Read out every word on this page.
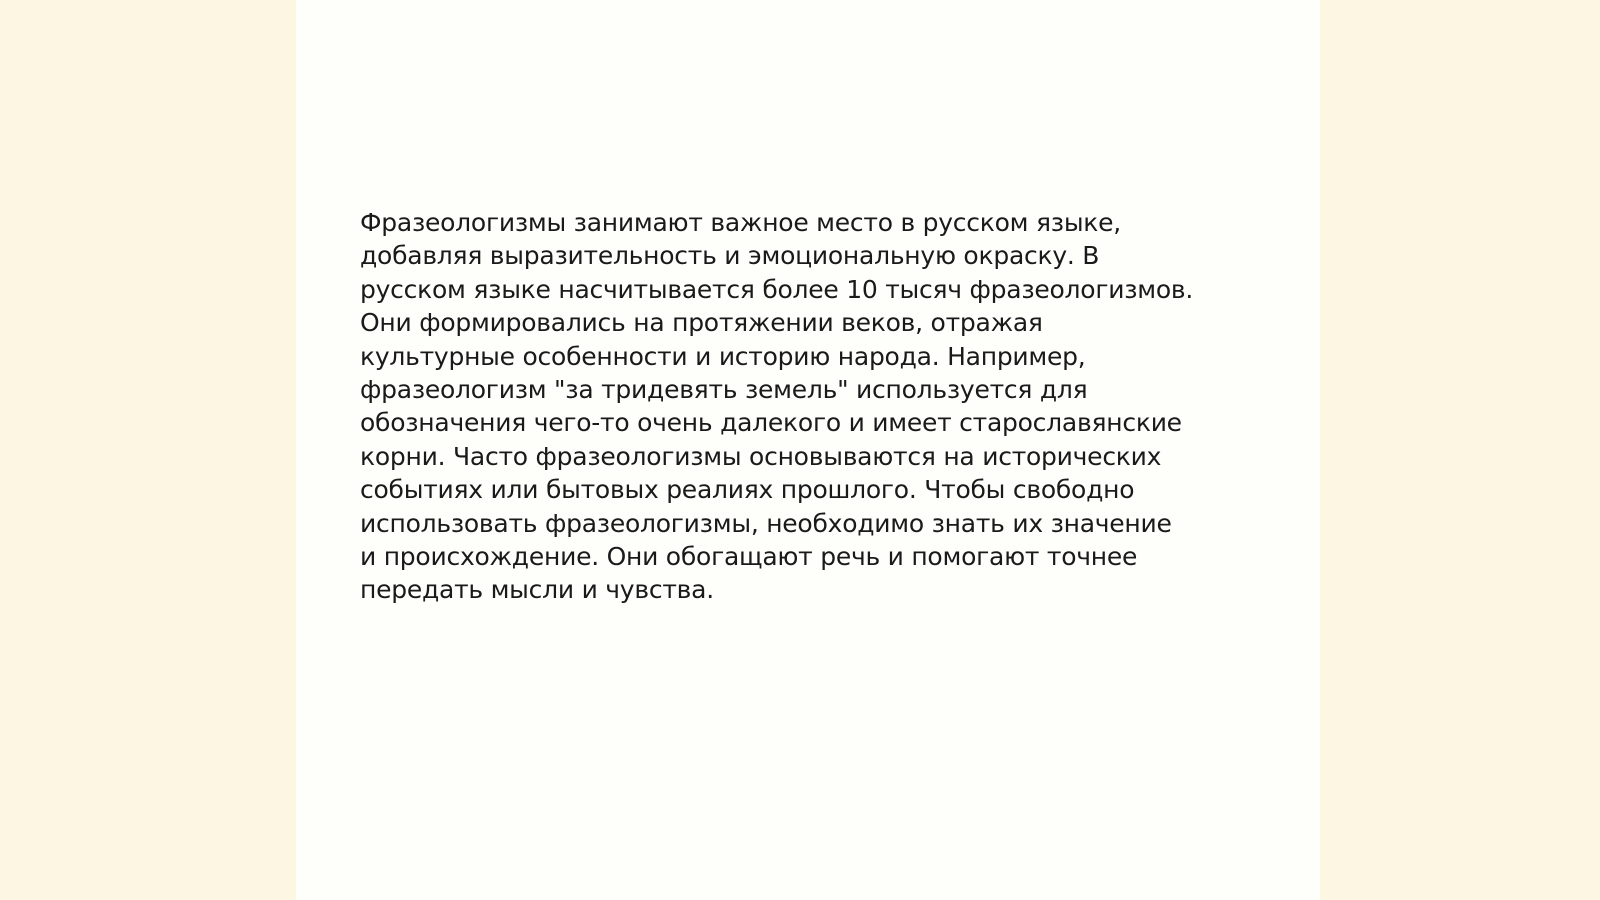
Фразеологизмы занимают важное место в русском языке,
добавляя выразительность и эмоциональную окраску. В
русском языке насчитывается более 10 тысяч фразеологизмов.
Они формировались на протяжении веков, отражая
культурные особенности и историю народа. Например,
фразеологизм "за тридевять земель" используется для
обозначения чего-то очень далекого и имеет старославянские
корни. Часто фразеологизмы основываются на исторических
событиях или бытовых реалиях прошлого. Чтобы свободно
использовать фразеологизмы, необходимо знать их значение
и происхождение. Они обогащают речь и помогают точнее
передать мысли и чувства.
